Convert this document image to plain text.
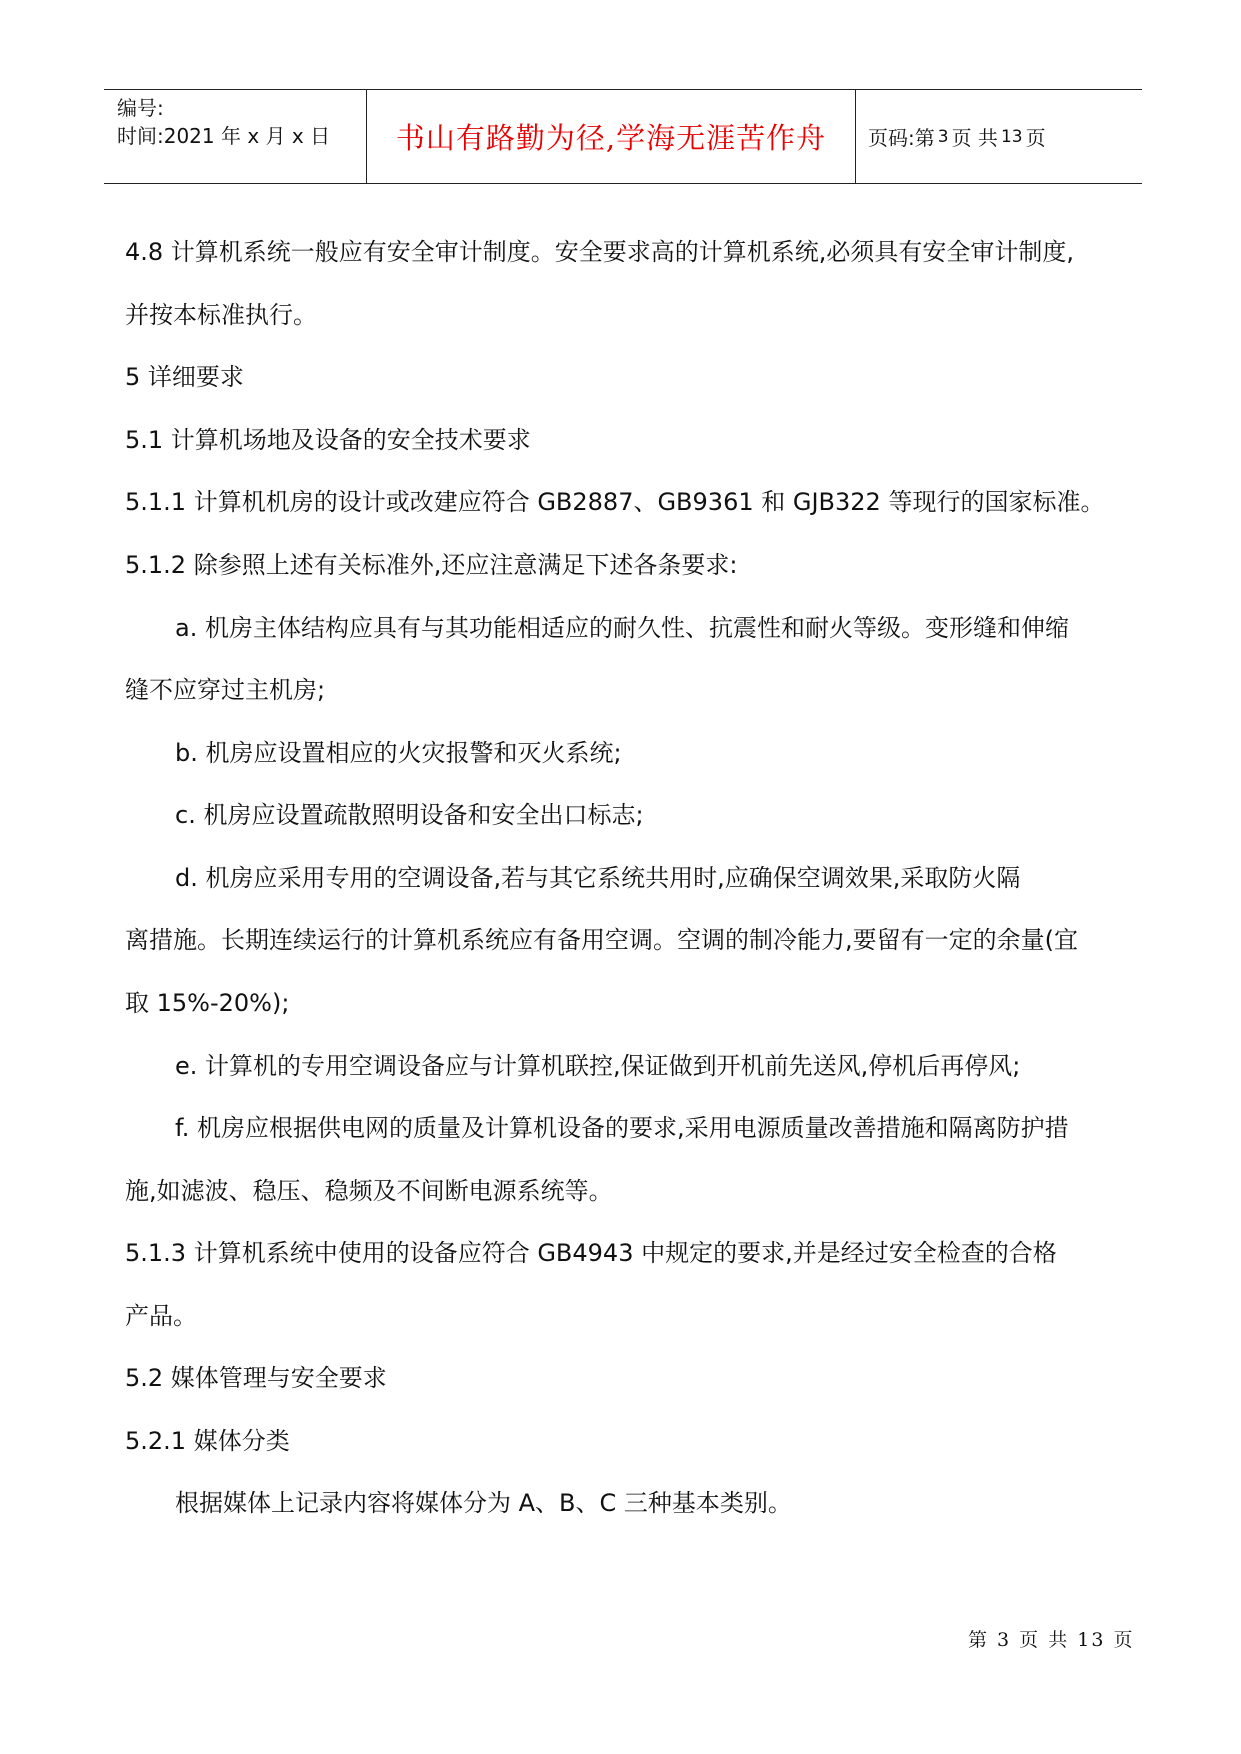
编号:
时间:2021 年 x 月 x 日	书山有路勤为径,学海无涯苦作舟 页码:第 3 页 共 13 页
4.8 计算机系统一般应有安全审计制度。安全要求高的计算机系统,必须具有安全审计制度,
并按本标准执行。
5 详细要求
5.1 计算机场地及设备的安全技术要求
5.1.1 计算机机房的设计或改建应符合 GB2887、GB9361 和 GJB322 等现行的国家标准。
5.1.2 除参照上述有关标准外,还应注意满足下述各条要求:
a. 机房主体结构应具有与其功能相适应的耐久性、抗震性和耐火等级。变形缝和伸缩
缝不应穿过主机房;
b. 机房应设置相应的火灾报警和灭火系统;
c. 机房应设置疏散照明设备和安全出口标志;
d. 机房应采用专用的空调设备,若与其它系统共用时,应确保空调效果,采取防火隔
离措施。长期连续运行的计算机系统应有备用空调。空调的制冷能力,要留有一定的余量(宜
取 15%-20%);
e. 计算机的专用空调设备应与计算机联控,保证做到开机前先送风,停机后再停风;
f. 机房应根据供电网的质量及计算机设备的要求,采用电源质量改善措施和隔离防护措
施,如滤波、稳压、稳频及不间断电源系统等。
5.1.3 计算机系统中使用的设备应符合 GB4943 中规定的要求,并是经过安全检查的合格
产品。
5.2 媒体管理与安全要求
5.2.1 媒体分类
根据媒体上记录内容将媒体分为 A、B、C 三种基本类别。
第 3 页 共 13 页
